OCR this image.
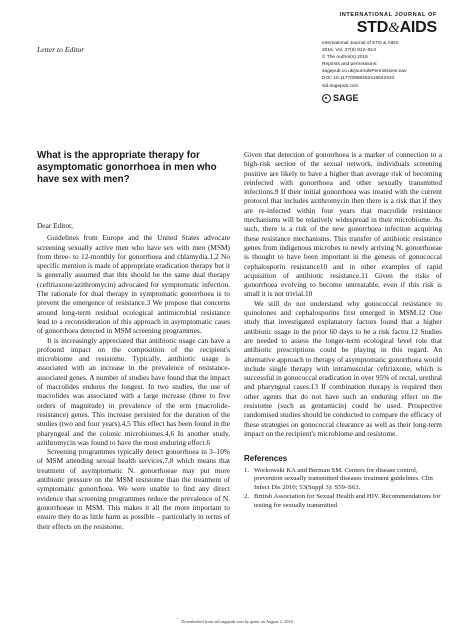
Letter to Editor
INTERNATIONAL JOURNAL OF
STD&AIDS
International Journal of STD & AIDS
2016, Vol. 27(9) 812–813
© The Author(s) 2016
Reprints and permissions:
sagepub.co.uk/journalsPermissions.nav
DOI: 10.1177/0956462416642933
std.sagepub.com
SAGE
What is the appropriate therapy for asymptomatic gonorrhoea in men who have sex with men?

Dear Editor,

Guidelines from Europe and the United States advocate screening sexually active men who have sex with men (MSM) from three- to 12-monthly for gonorrhoea and chlamydia.1,2 No specific mention is made of appropriate eradication therapy but it is generally assumed that this should be the same dual therapy (ceftriaxone/azithromycin) advocated for symptomatic infection. The rationale for dual therapy in symptomatic gonorrhoea is to prevent the emergence of resistance.3 We propose that concerns around long-term residual ecological antimicrobial resistance lead to a reconsideration of this approach in asymptomatic cases of gonorrhoea detected in MSM screening programmes.

It is increasingly appreciated that antibiotic usage can have a profound impact on the composition of the recipient's microbiome and resistome. Typically, antibiotic usage is associated with an increase in the prevalence of resistance-associated genes. A number of studies have found that the impact of macrolides endures the longest. In two studies, the use of macrolides was associated with a large increase (three to five orders of magnitude) in prevalence of the erm (macrolide-resistance) genes. This increase persisted for the duration of the studies (two and four years).4,5 This effect has been found in the pharyngeal and the colonic microbiomes.4,6 In another study, azithromycin was found to have the most enduring effect.6

Screening programmes typically detect gonorrhoea in 3–10% of MSM attending sexual health services,7,8 which means that treatment of asymptomatic N. gonorrhoeae may put more antibiotic pressure on the MSM resistome than the treatment of symptomatic gonorrhoea. We were unable to find any direct evidence that screening programmes reduce the prevalence of N. gonorrhoeae in MSM. This makes it all the more important to ensure they do as little harm as possible – particularly in terms of their effects on the resistome.

Given that detection of gonorrhoea is a marker of connection to a high-risk section of the sexual network, individuals screening positive are likely to have a higher than average risk of becoming reinfected with gonorrhoea and other sexually transmitted infections.9 If their initial gonorrhoea was treated with the current protocol that includes azithromycin then there is a risk that if they are re-infected within four years that macrolide resistance mechanisms will be relatively widespread in their microbiome. As such, there is a risk of the new gonorrhoea infection acquiring these resistance mechanisms. This transfer of antibiotic resistance genes from indigenous microbes to newly arriving N. gonorrhoeae is thought to have been important in the genesis of gonococcal cephalosporin resistance10 and in other examples of rapid acquisition of antibiotic resistance.11 Given the risks of gonorrhoea evolving to become untreatable, even if this risk is small it is not trivial.10

We still do not understand why gonococcal resistance to quinolones and cephalosporins first emerged in MSM.12 One study that investigated explanatory factors found that a higher antibiotic usage in the prior 60 days to be a risk factor.12 Studies are needed to assess the longer-term ecological level role that antibiotic prescriptions could be playing in this regard. An alternative approach to therapy of asymptomatic gonorrhoea would include single therapy with intramuscular ceftriaxone, which is successful in gonococcal eradication in over 95% of rectal, urethral and pharyngeal cases.13 If combination therapy is required then other agents that do not have such an enduring effect on the resistome (such as gentamicin) could be used. Prospective randomised studies should be conducted to compare the efficacy of these strategies on gonococcal clearance as well as their long-term impact on the recipient's microbiome and resistome.

References
1. Workowski KA and Berman SM. Centers for disease control, prevention sexually transmitted diseases treatment guidelines. Clin Infect Dis 2010; 53(Suppl 3): S59–S63.
2. British Association for Sexual Health and HIV. Recommendations for testing for sexually transmitted
Downloaded from std.sagepub.com by guest on August 2, 2016
